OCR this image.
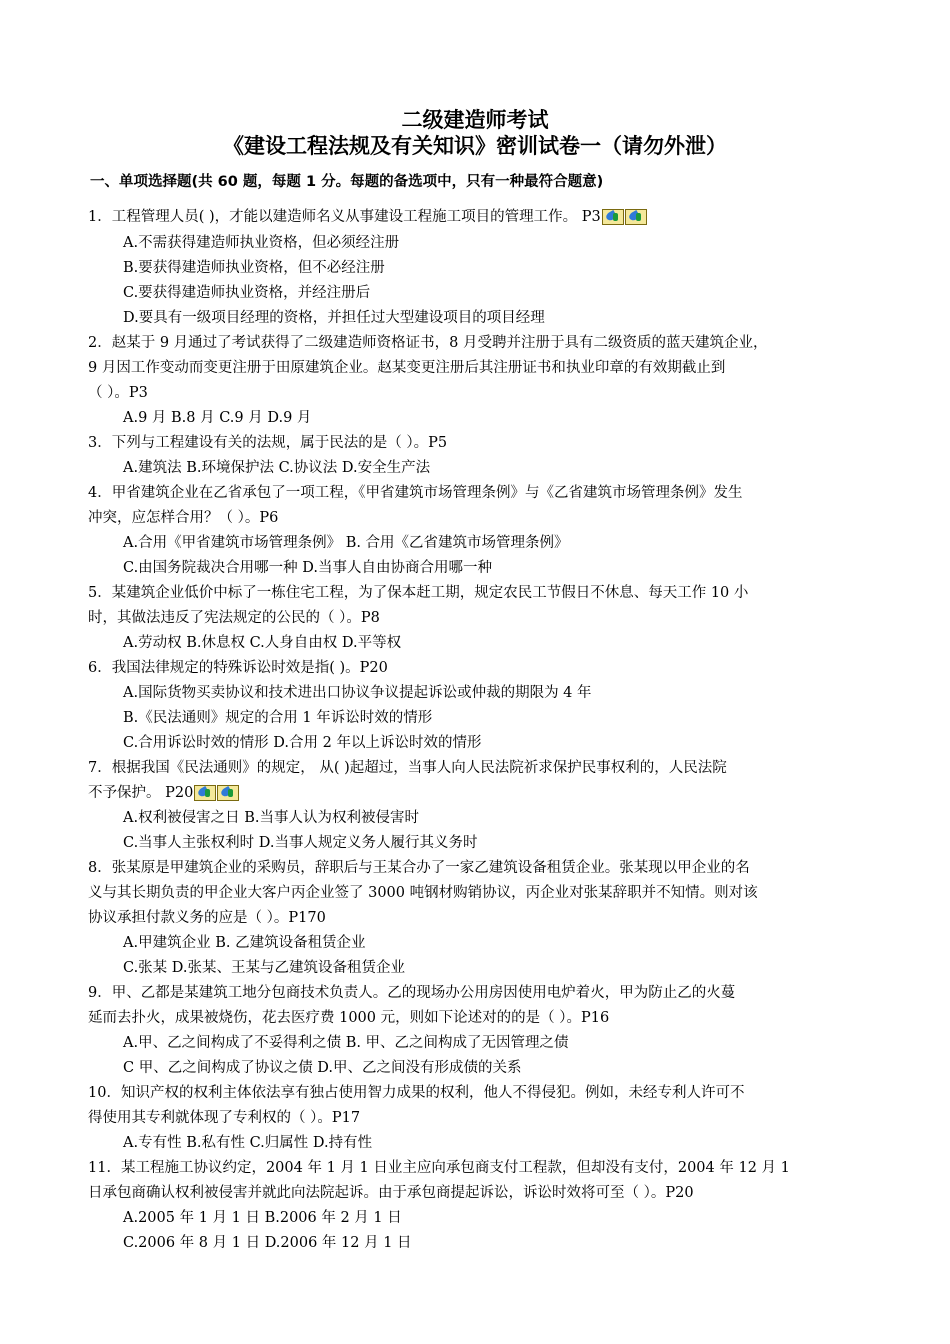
二级建造师考试
《建设工程法规及有关知识》密训试卷一（请勿外泄）
一、单项选择题(共 60 题，每题 1 分。每题的备选项中，只有一种最符合题意)
1．工程管理人员( )，才能以建造师名义从事建设工程施工项目的管理工作。 P3
A.不需获得建造师执业资格，但必须经注册
B.要获得建造师执业资格，但不必经注册
C.要获得建造师执业资格，并经注册后
D.要具有一级项目经理的资格，并担任过大型建设项目的项目经理
2．赵某于 9 月通过了考试获得了二级建造师资格证书，8 月受聘并注册于具有二级资质的蓝天建筑企业，
9 月因工作变动而变更注册于田原建筑企业。赵某变更注册后其注册证书和执业印章的有效期截止到
（ ）。P3
A.9 月 B.8 月 C.9 月 D.9 月
3．下列与工程建设有关的法规，属于民法的是（ ）。P5
A.建筑法 B.环境保护法 C.协议法 D.安全生产法
4．甲省建筑企业在乙省承包了一项工程，《甲省建筑市场管理条例》与《乙省建筑市场管理条例》发生
冲突，应怎样合用？（ ）。P6
A.合用《甲省建筑市场管理条例》 B. 合用《乙省建筑市场管理条例》
C.由国务院裁决合用哪一种 D.当事人自由协商合用哪一种
5．某建筑企业低价中标了一栋住宅工程，为了保本赶工期，规定农民工节假日不休息、每天工作 10 小
时，其做法违反了宪法规定的公民的（ ）。P8
A.劳动权 B.休息权 C.人身自由权 D.平等权
6．我国法律规定的特殊诉讼时效是指( )。P20
A.国际货物买卖协议和技术进出口协议争议提起诉讼或仲裁的期限为 4 年
B.《民法通则》规定的合用 1 年诉讼时效的情形
C.合用诉讼时效的情形 D.合用 2 年以上诉讼时效的情形
7．根据我国《民法通则》的规定， 从( )起超过，当事人向人民法院祈求保护民事权利的，人民法院
不予保护。 P20
A.权利被侵害之日 B.当事人认为权利被侵害时
C.当事人主张权利时 D.当事人规定义务人履行其义务时
8．张某原是甲建筑企业的采购员，辞职后与王某合办了一家乙建筑设备租赁企业。张某现以甲企业的名
义与其长期负责的甲企业大客户丙企业签了 3000 吨钢材购销协议，丙企业对张某辞职并不知情。则对该
协议承担付款义务的应是（ ）。P170
A.甲建筑企业 B. 乙建筑设备租赁企业
C.张某 D.张某、王某与乙建筑设备租赁企业
9．甲、乙都是某建筑工地分包商技术负责人。乙的现场办公用房因使用电炉着火，甲为防止乙的火蔓
延而去扑火，成果被烧伤，花去医疗费 1000 元，则如下论述对的的是（ ）。P16
A.甲、乙之间构成了不妥得利之债 B. 甲、乙之间构成了无因管理之债
C 甲、乙之间构成了协议之债 D.甲、乙之间没有形成债的关系
10．知识产权的权利主体依法享有独占使用智力成果的权利，他人不得侵犯。例如，未经专利人许可不
得使用其专利就体现了专利权的（ ）。P17
A.专有性 B.私有性 C.归属性 D.持有性
11．某工程施工协议约定，2004 年 1 月 1 日业主应向承包商支付工程款，但却没有支付，2004 年 12 月 1
日承包商确认权利被侵害并就此向法院起诉。由于承包商提起诉讼，诉讼时效将可至（ ）。P20
A.2005 年 1 月 1 日 B.2006 年 2 月 1 日
C.2006 年 8 月 1 日 D.2006 年 12 月 1 日
